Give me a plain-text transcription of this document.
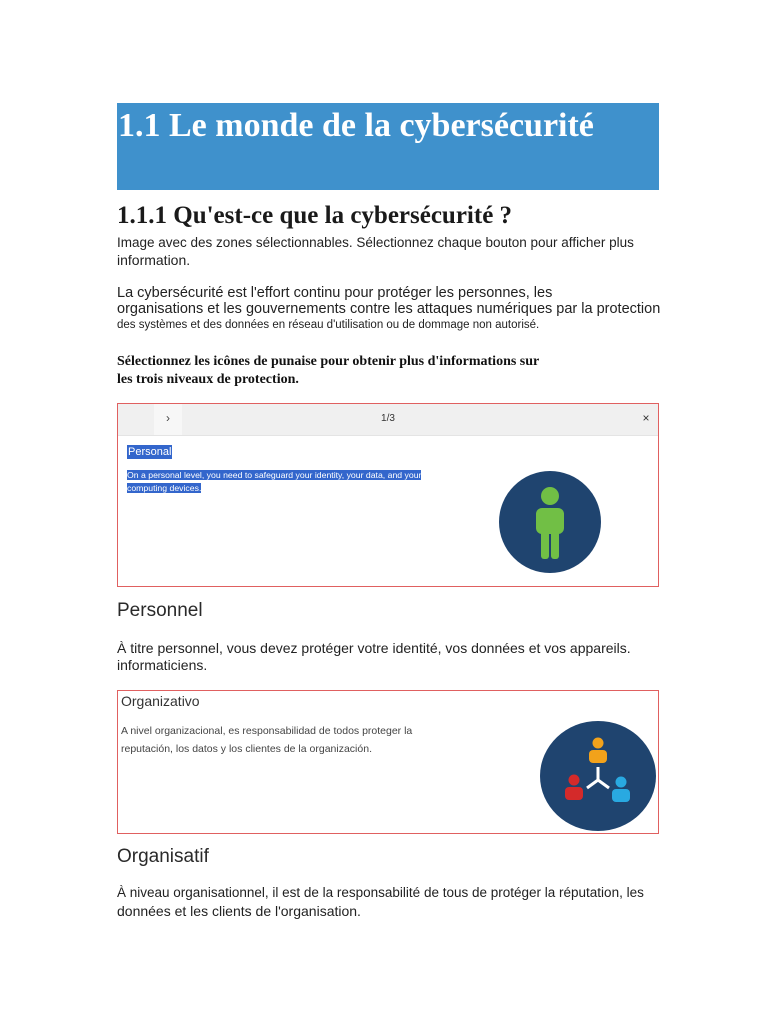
1.1 Le monde de la cybersécurité
1.1.1 Qu'est-ce que la cybersécurité ?
Image avec des zones sélectionnables. Sélectionnez chaque bouton pour afficher plus
information.
La cybersécurité est l'effort continu pour protéger les personnes, les
organisations et les gouvernements contre les attaques numériques par la protection
des systèmes et des données en réseau d'utilisation ou de dommage non autorisé.
Sélectionnez les icônes de punaise pour obtenir plus d'informations sur
les trois niveaux de protection.
›	1/3	×
Personal
On a personal level, you need to safeguard your identity, your data, and your
computing devices.
Personnel
À titre personnel, vous devez protéger votre identité, vos données et vos appareils.
informaticiens.
Organizativo
A nivel organizacional, es responsabilidad de todos proteger la
reputación, los datos y los clientes de la organización.
Organisatif
À niveau organisationnel, il est de la responsabilité de tous de protéger la réputation, les
données et les clients de l'organisation.
